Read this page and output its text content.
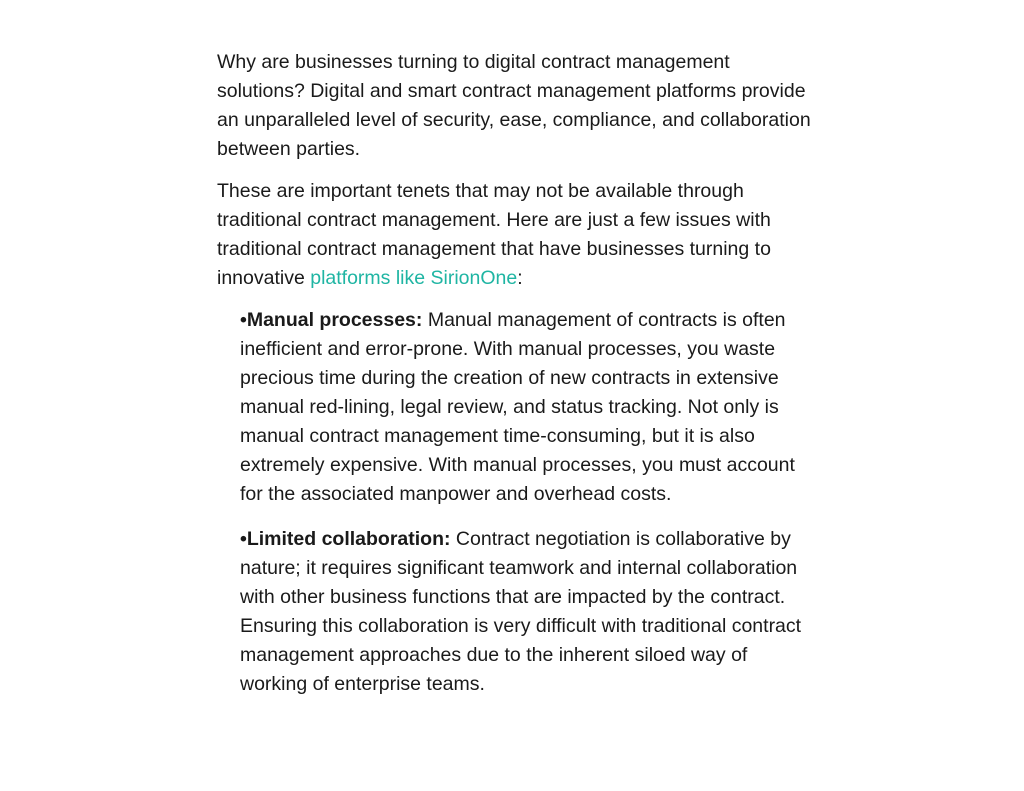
Why are businesses turning to digital contract management solutions? Digital and smart contract management platforms provide an unparalleled level of security, ease, compliance, and collaboration between parties.

These are important tenets that may not be available through traditional contract management. Here are just a few issues with traditional contract management that have businesses turning to innovative platforms like SirionOne:

•Manual processes: Manual management of contracts is often inefficient and error-prone. With manual processes, you waste precious time during the creation of new contracts in extensive manual red-lining, legal review, and status tracking. Not only is manual contract management time-consuming, but it is also extremely expensive. With manual processes, you must account for the associated manpower and overhead costs.
•Limited collaboration: Contract negotiation is collaborative by nature; it requires significant teamwork and internal collaboration with other business functions that are impacted by the contract. Ensuring this collaboration is very difficult with traditional contract management approaches due to the inherent siloed way of working of enterprise teams.
